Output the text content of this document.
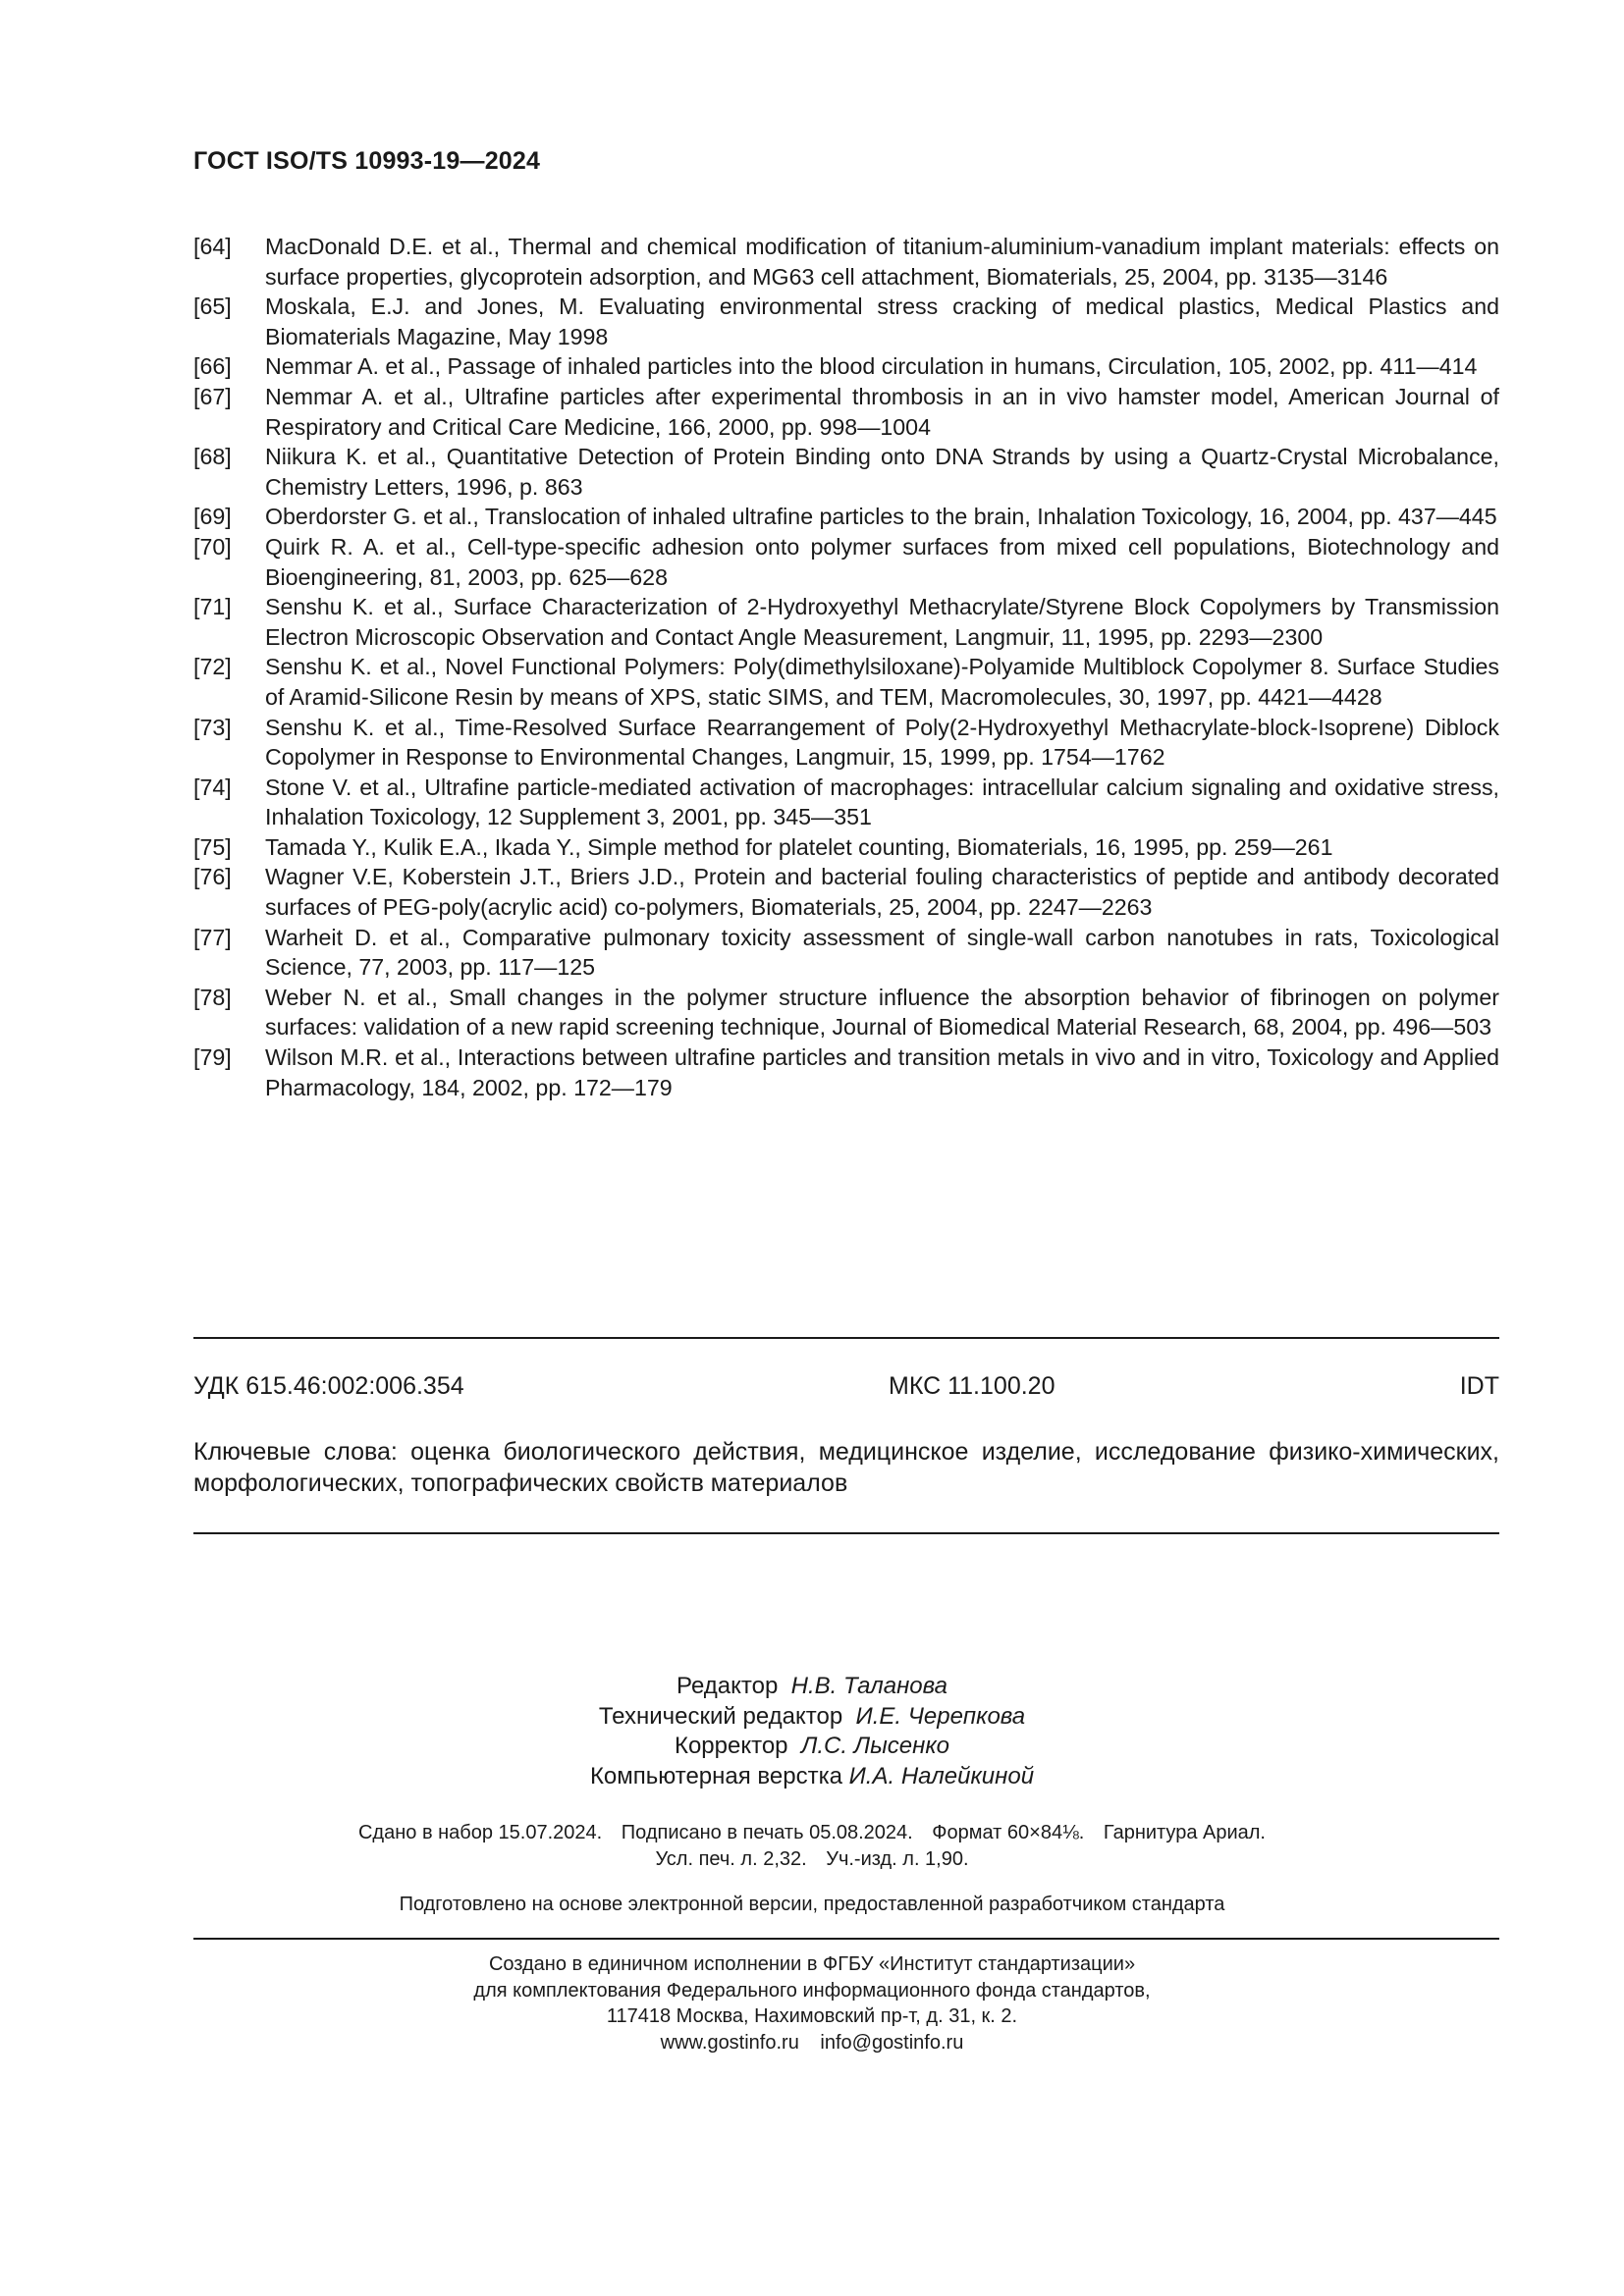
ГОСТ ISO/TS 10993-19—2024
[64]	MacDonald D.E. et al., Thermal and chemical modification of titanium-aluminium-vanadium implant materials: effects on surface properties, glycoprotein adsorption, and MG63 cell attachment, Biomaterials, 25, 2004, pp. 3135—3146
[65]	Moskala, E.J. and Jones, M. Evaluating environmental stress cracking of medical plastics, Medical Plastics and Biomaterials Magazine, May 1998
[66]	Nemmar A. et al., Passage of inhaled particles into the blood circulation in humans, Circulation, 105, 2002, pp. 411—414
[67]	Nemmar A. et al., Ultrafine particles after experimental thrombosis in an in vivo hamster model, American Journal of Respiratory and Critical Care Medicine, 166, 2000, pp. 998—1004
[68]	Niikura K. et al., Quantitative Detection of Protein Binding onto DNA Strands by using a Quartz-Crystal Microbalance, Chemistry Letters, 1996, p. 863
[69]	Oberdorster G. et al., Translocation of inhaled ultrafine particles to the brain, Inhalation Toxicology, 16, 2004, pp. 437—445
[70]	Quirk R. A. et al., Cell-type-specific adhesion onto polymer surfaces from mixed cell populations, Biotechnology and Bioengineering, 81, 2003, pp. 625—628
[71]	Senshu K. et al., Surface Characterization of 2-Hydroxyethyl Methacrylate/Styrene Block Copolymers by Transmission Electron Microscopic Observation and Contact Angle Measurement, Langmuir, 11, 1995, pp. 2293—2300
[72]	Senshu K. et al., Novel Functional Polymers: Poly(dimethylsiloxane)-Polyamide Multiblock Copolymer 8. Surface Studies of Aramid-Silicone Resin by means of XPS, static SIMS, and TEM, Macromolecules, 30, 1997, pp. 4421—4428
[73]	Senshu K. et al., Time-Resolved Surface Rearrangement of Poly(2-Hydroxyethyl Methacrylate-block-Isoprene) Diblock Copolymer in Response to Environmental Changes, Langmuir, 15, 1999, pp. 1754—1762
[74]	Stone V. et al., Ultrafine particle-mediated activation of macrophages: intracellular calcium signaling and oxidative stress, Inhalation Toxicology, 12 Supplement 3, 2001, pp. 345—351
[75]	Tamada Y., Kulik E.A., Ikada Y., Simple method for platelet counting, Biomaterials, 16, 1995, pp. 259—261
[76]	Wagner V.E, Koberstein J.T., Briers J.D., Protein and bacterial fouling characteristics of peptide and antibody decorated surfaces of PEG-poly(acrylic acid) co-polymers, Biomaterials, 25, 2004, pp. 2247—2263
[77]	Warheit D. et al., Comparative pulmonary toxicity assessment of single-wall carbon nanotubes in rats, Toxicological Science, 77, 2003, pp. 117—125
[78]	Weber N. et al., Small changes in the polymer structure influence the absorption behavior of fibrinogen on polymer surfaces: validation of a new rapid screening technique, Journal of Biomedical Material Research, 68, 2004, pp. 496—503
[79]	Wilson M.R. et al., Interactions between ultrafine particles and transition metals in vivo and in vitro, Toxicology and Applied Pharmacology, 184, 2002, pp. 172—179
УДК 615.46:002:006.354	МКС 11.100.20	IDT
Ключевые слова: оценка биологического действия, медицинское изделие, исследование физико-химических, морфологических, топографических свойств материалов
Редактор Н.В. Таланова
Технический редактор И.Е. Черепкова
Корректор Л.С. Лысенко
Компьютерная верстка И.А. Налейкиной
Сдано в набор 15.07.2024. Подписано в печать 05.08.2024. Формат 60×84⅛. Гарнитура Ариал.
Усл. печ. л. 2,32. Уч.-изд. л. 1,90.
Подготовлено на основе электронной версии, предоставленной разработчиком стандарта
Создано в единичном исполнении в ФГБУ «Институт стандартизации»
для комплектования Федерального информационного фонда стандартов,
117418 Москва, Нахимовский пр-т, д. 31, к. 2.
www.gostinfo.ru info@gostinfo.ru
